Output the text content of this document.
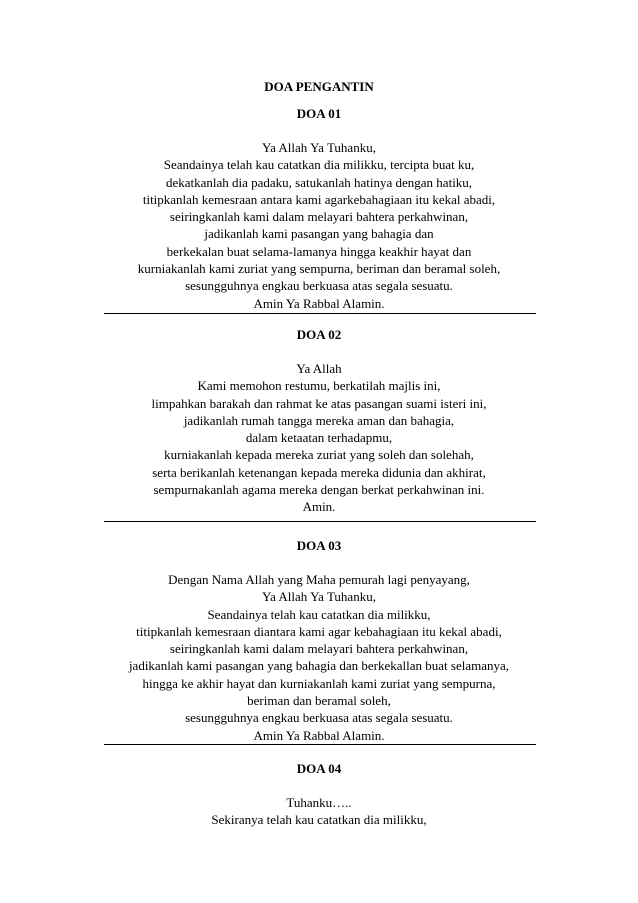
DOA PENGANTIN
DOA 01
Ya Allah Ya Tuhanku,
Seandainya telah kau catatkan dia milikku, tercipta buat ku,
dekatkanlah dia padaku, satukanlah hatinya dengan hatiku,
titipkanlah kemesraan antara kami agarkebahagiaan itu kekal abadi,
seiringkanlah kami dalam melayari bahtera perkahwinan,
jadikanlah kami pasangan yang bahagia dan
berkekalan buat selama-lamanya hingga keakhir hayat dan
kurniakanlah kami zuriat yang sempurna, beriman dan beramal soleh,
sesungguhnya engkau berkuasa atas segala sesuatu.
Amin Ya Rabbal Alamin.
DOA 02
Ya Allah
Kami memohon restumu, berkatilah majlis ini,
limpahkan barakah dan rahmat ke atas pasangan suami isteri ini,
jadikanlah rumah tangga mereka aman dan bahagia,
dalam ketaatan terhadapmu,
kurniakanlah kepada mereka zuriat yang soleh dan solehah,
serta berikanlah ketenangan kepada mereka didunia dan akhirat,
sempurnakanlah agama mereka dengan berkat perkahwinan ini.
Amin.
DOA 03
Dengan Nama Allah yang Maha pemurah lagi penyayang,
Ya Allah Ya Tuhanku,
Seandainya telah kau catatkan dia milikku,
titipkanlah kemesraan diantara kami agar kebahagiaan itu kekal abadi,
seiringkanlah kami dalam melayari bahtera perkahwinan,
jadikanlah kami pasangan yang bahagia dan berkekallan buat selamanya,
hingga ke akhir hayat dan kurniakanlah kami zuriat yang sempurna,
beriman dan beramal soleh,
sesungguhnya engkau berkuasa atas segala sesuatu.
Amin Ya Rabbal Alamin.
DOA 04
Tuhanku…..
Sekiranya telah kau catatkan dia milikku,
